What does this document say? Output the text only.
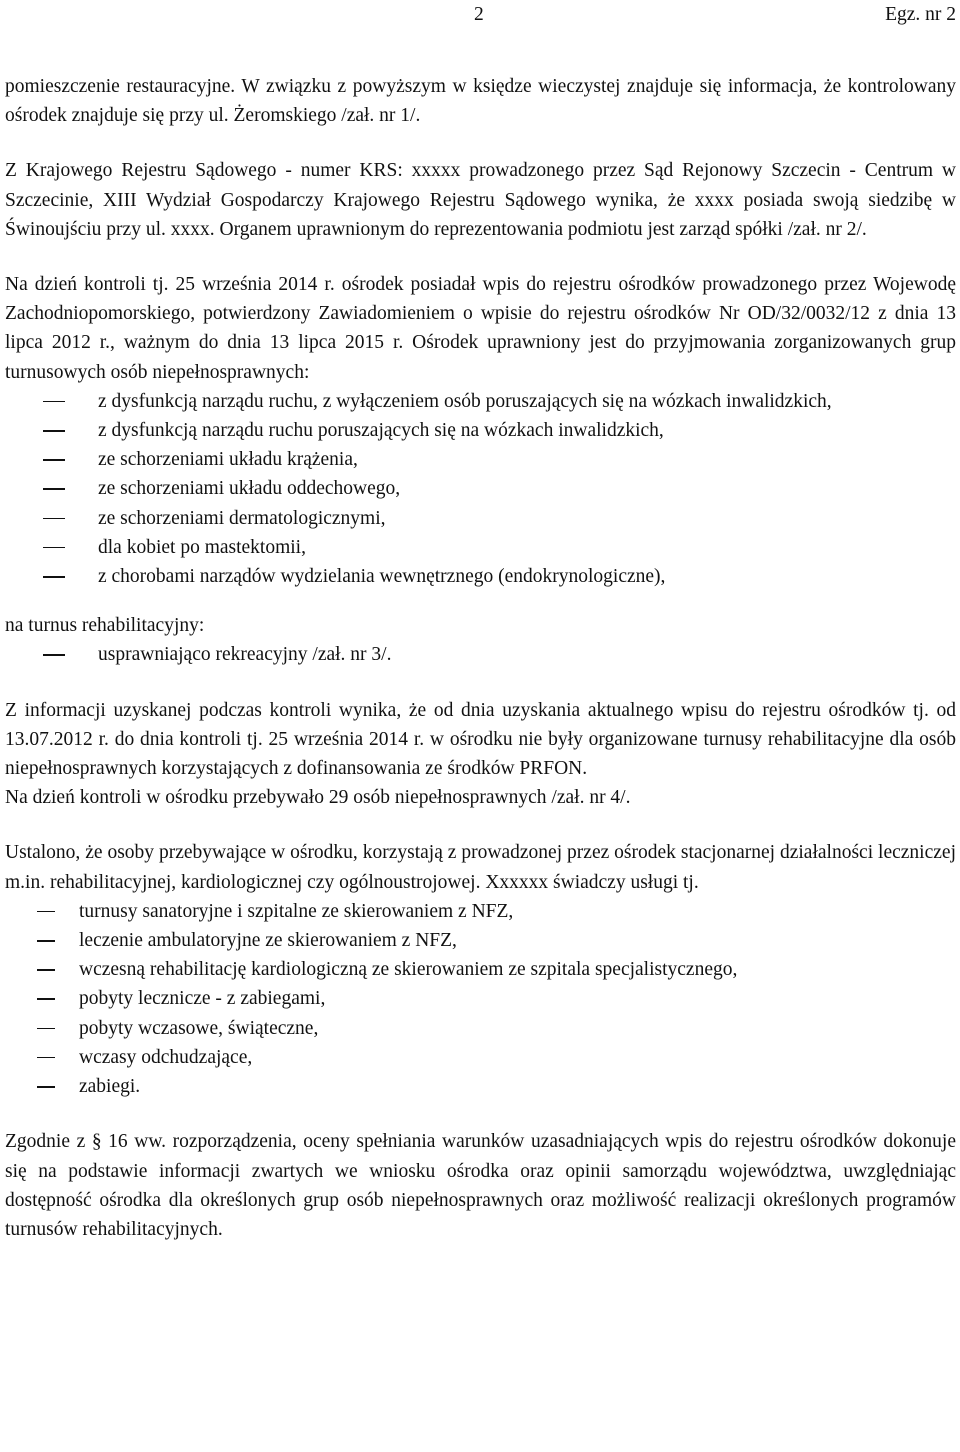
2	Egz. nr 2

pomieszczenie restauracyjne. W związku z powyższym w księdze wieczystej znajduje się informacja, że kontrolowany ośrodek znajduje się przy ul. Żeromskiego /zał. nr 1/.

Z Krajowego Rejestru Sądowego - numer KRS: xxxxx prowadzonego przez Sąd Rejonowy Szczecin - Centrum w Szczecinie, XIII Wydział Gospodarczy Krajowego Rejestru Sądowego wynika, że xxxx posiada swoją siedzibę w Świnoujściu przy ul. xxxx. Organem uprawnionym do reprezentowania podmiotu jest zarząd spółki /zał. nr 2/.

Na dzień kontroli tj. 25 września 2014 r. ośrodek posiadał wpis do rejestru ośrodków prowadzonego przez Wojewodę Zachodniopomorskiego, potwierdzony Zawiadomieniem o wpisie do rejestru ośrodków Nr OD/32/0032/12 z dnia 13 lipca 2012 r., ważnym do dnia 13 lipca 2015 r. Ośrodek uprawniony jest do przyjmowania zorganizowanych grup turnusowych osób niepełnosprawnych:

z dysfunkcją narządu ruchu, z wyłączeniem osób poruszających się na wózkach inwalidzkich,
z dysfunkcją narządu ruchu poruszających się na wózkach inwalidzkich,
ze schorzeniami układu krążenia,
ze schorzeniami układu oddechowego,
ze schorzeniami dermatologicznymi,
dla kobiet po mastektomii,
z chorobami narządów wydzielania wewnętrznego (endokrynologiczne),

na turnus rehabilitacyjny:

usprawniająco rekreacyjny /zał. nr 3/.

Z informacji uzyskanej podczas kontroli wynika, że od dnia uzyskania aktualnego wpisu do rejestru ośrodków tj. od 13.07.2012 r. do dnia kontroli tj. 25 września 2014 r. w ośrodku nie były organizowane turnusy rehabilitacyjne dla osób niepełnosprawnych korzystających z dofinansowania ze środków PRFON.

Na dzień kontroli w ośrodku przebywało 29 osób niepełnosprawnych /zał. nr 4/.

Ustalono, że osoby przebywające w ośrodku, korzystają z prowadzonej przez ośrodek stacjonarnej działalności leczniczej m.in. rehabilitacyjnej, kardiologicznej czy ogólnoustrojowej. Xxxxxx świadczy usługi tj.

turnusy sanatoryjne i szpitalne ze skierowaniem z NFZ,
leczenie ambulatoryjne ze skierowaniem z NFZ,
wczesną rehabilitację kardiologiczną ze skierowaniem ze szpitala specjalistycznego,
pobyty lecznicze - z zabiegami,
pobyty wczasowe, świąteczne,
wczasy odchudzające,
zabiegi.

Zgodnie z § 16 ww. rozporządzenia, oceny spełniania warunków uzasadniających wpis do rejestru ośrodków dokonuje się na podstawie informacji zwartych we wniosku ośrodka oraz opinii samorządu województwa, uwzględniając dostępność ośrodka dla określonych grup osób niepełnosprawnych oraz możliwość realizacji określonych programów turnusów rehabilitacyjnych.
